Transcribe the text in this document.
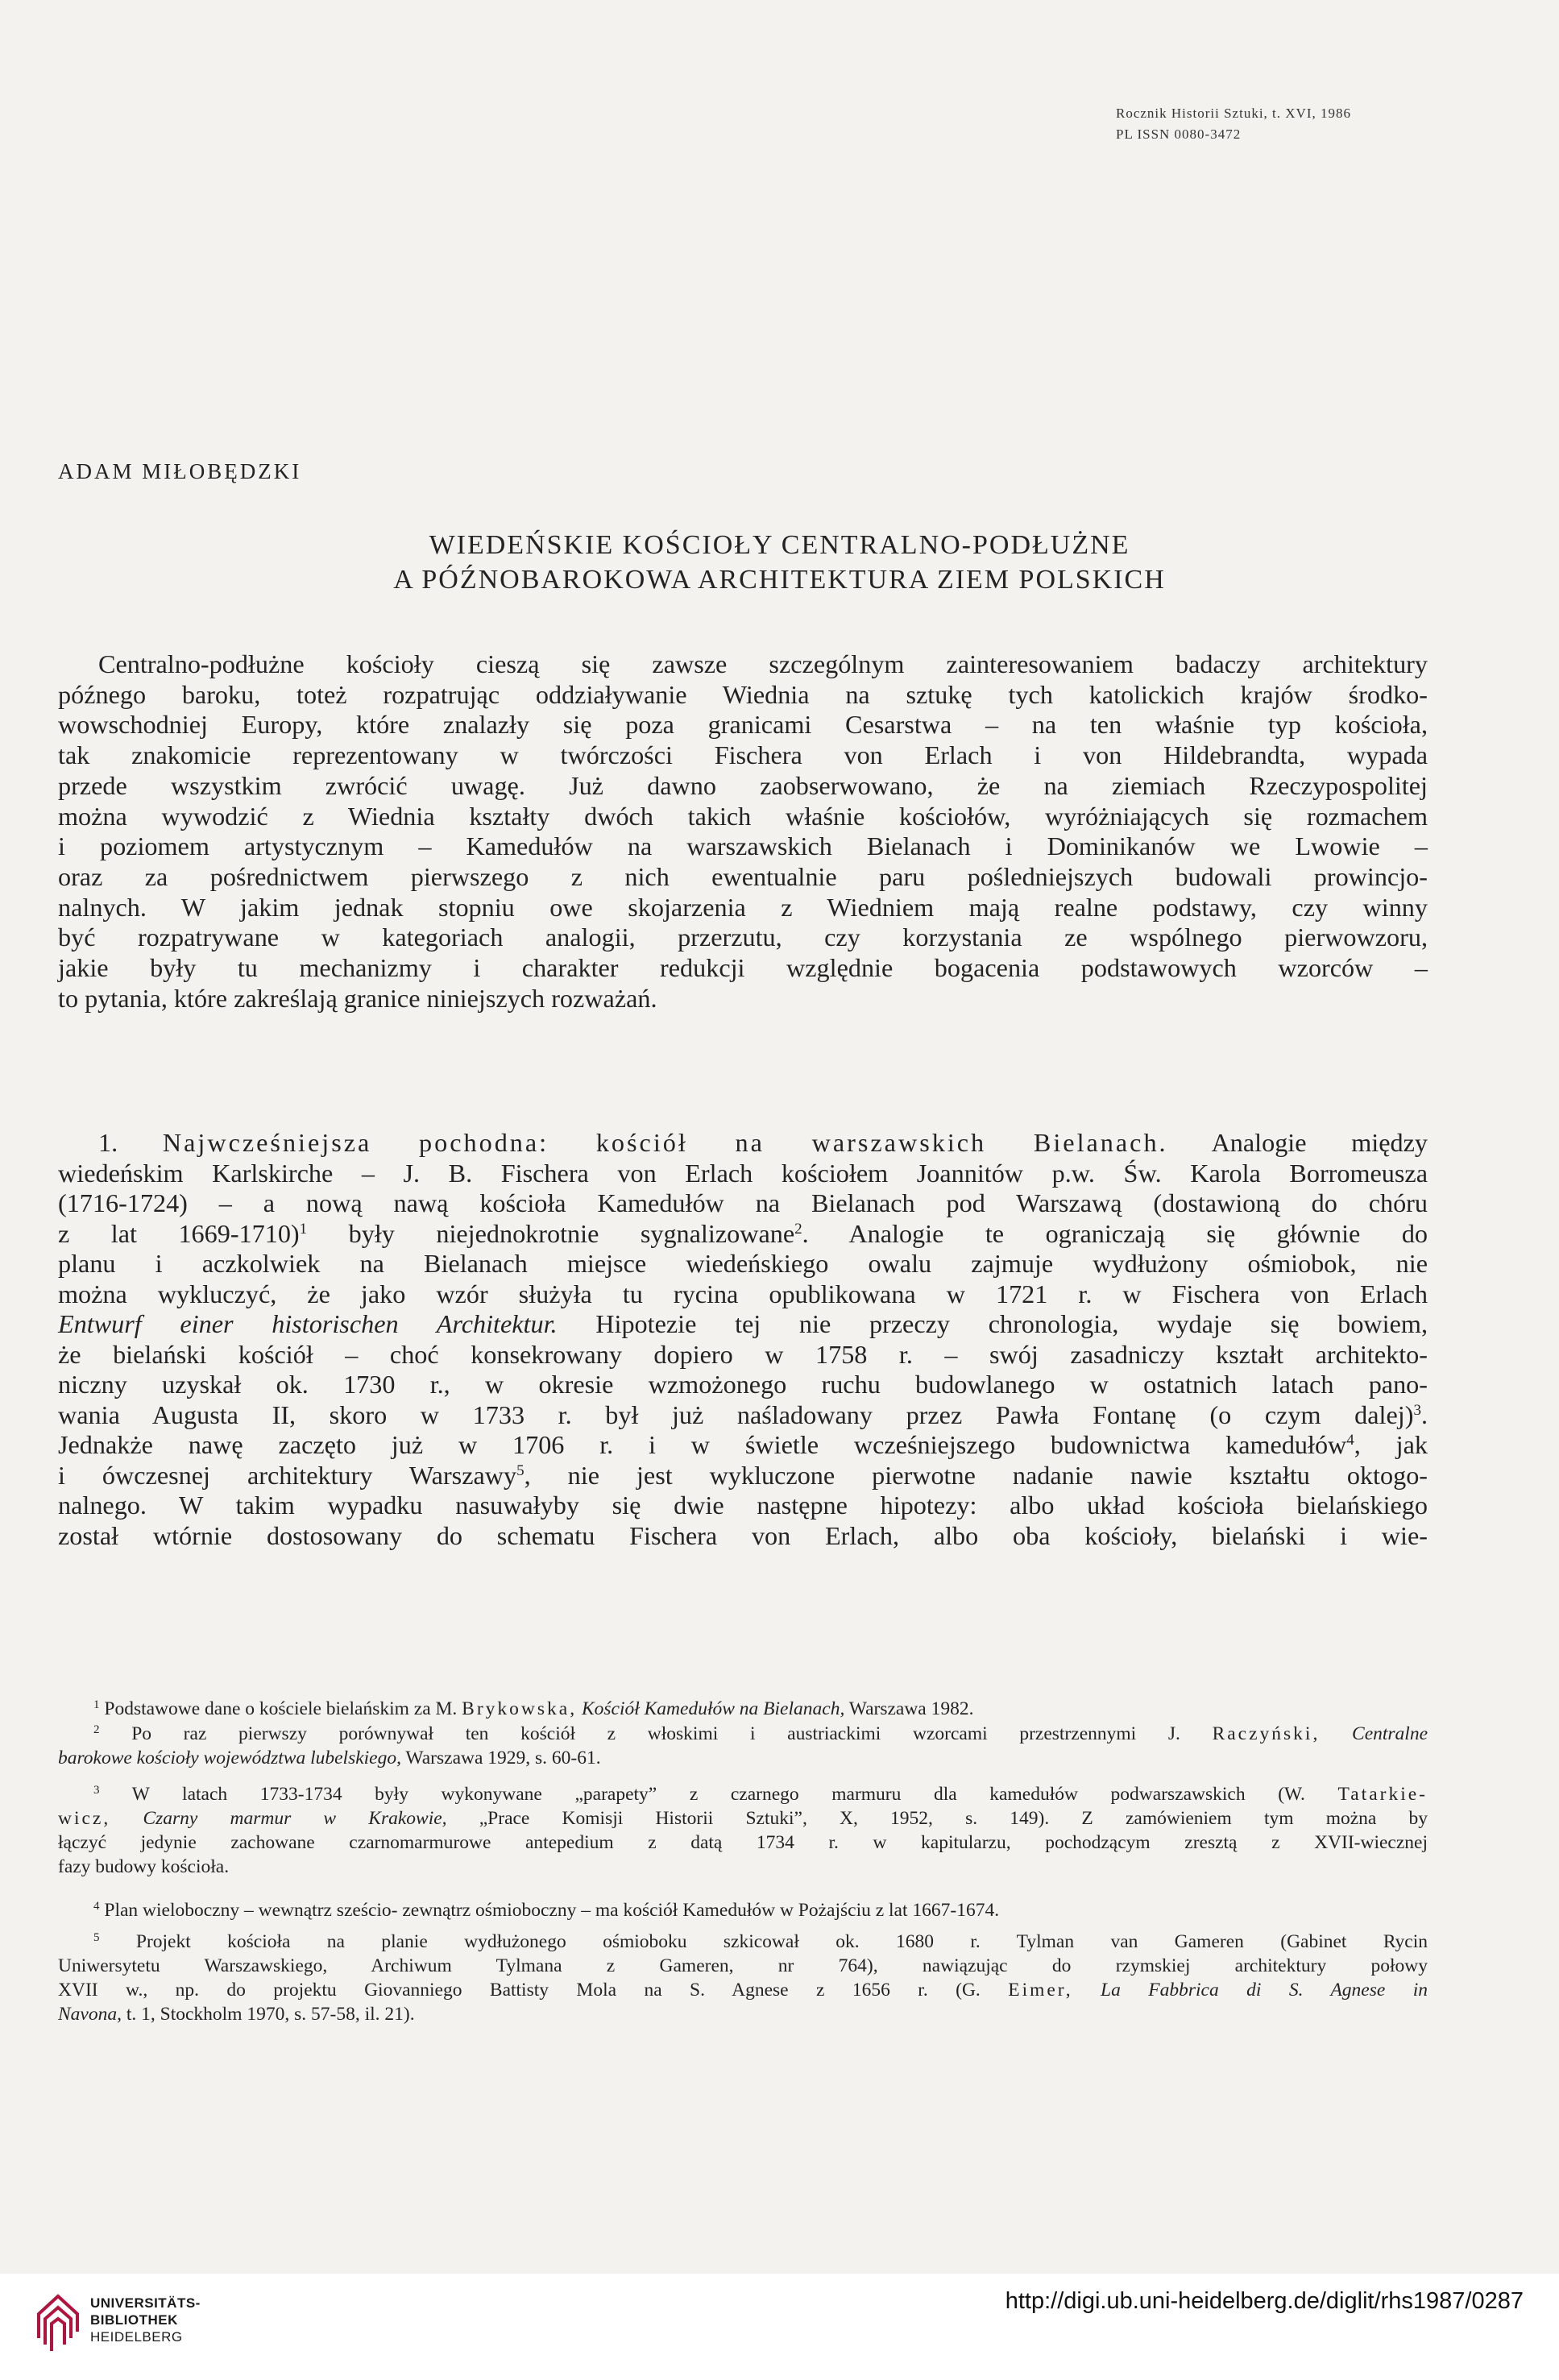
Rocznik Historii Sztuki, t. XVI, 1986
PL ISSN 0080-3472
ADAM MIŁOBĘDZKI
WIEDEŃSKIE KOŚCIOŁY CENTRALNO-PODŁUŻNE
A PÓŹNOBAROKOWA ARCHITEKTURA ZIEM POLSKICH
Centralno-podłużne kościoły cieszą się zawsze szczególnym zainteresowaniem badaczy architektury
późnego baroku, toteż rozpatrując oddziaływanie Wiednia na sztukę tych katolickich krajów środko-
wowschodniej Europy, które znalazły się poza granicami Cesarstwa – na ten właśnie typ kościoła,
tak znakomicie reprezentowany w twórczości Fischera von Erlach i von Hildebrandta, wypada
przede wszystkim zwrócić uwagę. Już dawno zaobserwowano, że na ziemiach Rzeczypospolitej
można wywodzić z Wiednia kształty dwóch takich właśnie kościołów, wyróżniających się rozmachem
i poziomem artystycznym – Kamedułów na warszawskich Bielanach i Dominikanów we Lwowie –
oraz za pośrednictwem pierwszego z nich ewentualnie paru pośledniejszych budowali prowincjo-
nalnych. W jakim jednak stopniu owe skojarzenia z Wiedniem mają realne podstawy, czy winny
być rozpatrywane w kategoriach analogii, przerzutu, czy korzystania ze wspólnego pierwowzoru,
jakie były tu mechanizmy i charakter redukcji względnie bogacenia podstawowych wzorców –
to pytania, które zakreślają granice niniejszych rozważań.
1. Najwcześniejsza pochodna: kościół na warszawskich Bielanach. Analogie między
wiedeńskim Karlskirche – J. B. Fischera von Erlach kościołem Joannitów p.w. Św. Karola Borromeusza
(1716-1724) – a nową nawą kościoła Kamedułów na Bielanach pod Warszawą (dostawioną do chóru
z lat 1669-1710)$^1$ były niejednokrotnie sygnalizowane$^2$. Analogie te ograniczają się głównie do
planu i aczkolwiek na Bielanach miejsce wiedeńskiego owalu zajmuje wydłużony ośmiobok, nie
można wykluczyć, że jako wzór służyła tu rycina opublikowana w 1721 r. w Fischera von Erlach
Entwurf einer historischen Architektur. Hipotezie tej nie przeczy chronologia, wydaje się bowiem,
że bielański kościół – choć konsekrowany dopiero w 1758 r. – swój zasadniczy kształt architekto-
niczny uzyskał ok. 1730 r., w okresie wzmożonego ruchu budowlanego w ostatnich latach pano-
wania Augusta II, skoro w 1733 r. był już naśladowany przez Pawła Fontanę (o czym dalej)$^3$.
Jednakże nawę zaczęto już w 1706 r. i w świetle wcześniejszego budownictwa kamedułów$^4$, jak
i ówczesnej architektury Warszawy$^5$, nie jest wykluczone pierwotne nadanie nawie kształtu oktogo-
nalnego. W takim wypadku nasuwałyby się dwie następne hipotezy: albo układ kościoła bielańskiego
został wtórnie dostosowany do schematu Fischera von Erlach, albo oba kościoły, bielański i wie-
$^1$ Podstawowe dane o kościele bielańskim za M. Brykowska, Kościół Kamedułów na Bielanach, Warszawa 1982.
$^2$ Po raz pierwszy porównywał ten kościół z włoskimi i austriackimi wzorcami przestrzennymi J. Raczyński, Centralne
barokowe kościoły województwa lubelskiego, Warszawa 1929, s. 60-61.
$^3$ W latach 1733-1734 były wykonywane „parapety” z czarnego marmuru dla kamedułów podwarszawskich (W. Tatarkie-
wicz, Czarny marmur w Krakowie, „Prace Komisji Historii Sztuki”, X, 1952, s. 149). Z zamówieniem tym można by
łączyć jedynie zachowane czarnomarmurowe antepedium z datą 1734 r. w kapitularzu, pochodzącym zresztą z XVII-wiecznej
fazy budowy kościoła.
$^4$ Plan wieloboczny – wewnątrz sześcio- zewnątrz ośmioboczny – ma kościół Kamedułów w Pożajściu z lat 1667-1674.
$^5$ Projekt kościoła na planie wydłużonego ośmioboku szkicował ok. 1680 r. Tylman van Gameren (Gabinet Rycin
Uniwersytetu Warszawskiego, Archiwum Tylmana z Gameren, nr 764), nawiązując do rzymskiej architektury połowy
XVII w., np. do projektu Giovanniego Battisty Mola na S. Agnese z 1656 r. (G. Eimer, La Fabbrica di S. Agnese in
Navona, t. 1, Stockholm 1970, s. 57-58, il. 21).
UNIVERSITÄTS-
BIBLIOTHEK
HEIDELBERG
http://digi.ub.uni-heidelberg.de/diglit/rhs1987/0287
